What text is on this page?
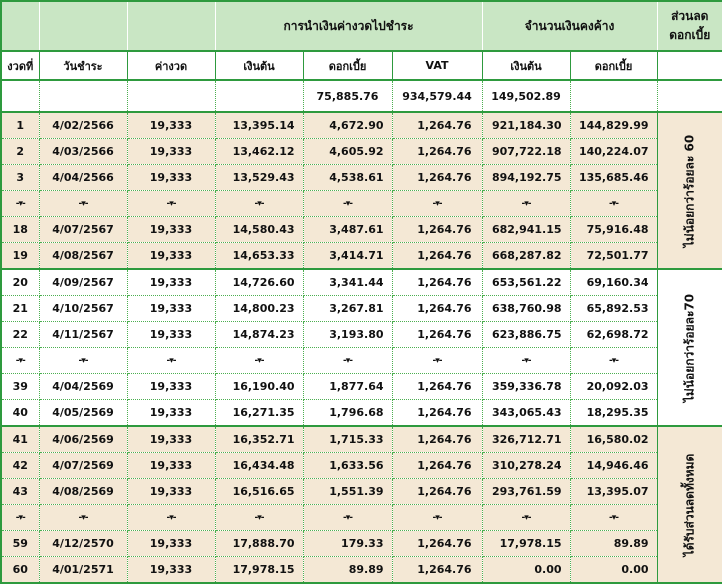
			การนำเงินค่างวดไปชำระ			จำนวนเงินคงค้าง		ส่วนลด
ดอกเบี้ย

งวดที่	วันชำระ	ค่างวด	เงินต้น	ดอกเบี้ย	VAT	เงินต้น	ดอกเบี้ย	
				75,885.76	934,579.44	149,502.89		
1	4/02/2566	19,333	13,395.14	4,672.90	1,264.76	921,184.30	144,829.99	ไม่น้อยกว่าร้อยละ 60

2	4/03/2566	19,333	13,462.12	4,605.92	1,264.76	907,722.18	140,224.07	
3	4/04/2566	19,333	13,529.43	4,538.61	1,264.76	894,192.75	135,685.46	
-▾-	-▾-	-▾-	-▾-	-▾-	-▾-	-▾-	-▾-	
18	4/07/2567	19,333	14,580.43	3,487.61	1,264.76	682,941.15	75,916.48	
19	4/08/2567	19,333	14,653.33	3,414.71	1,264.76	668,287.82	72,501.77	
20	4/09/2567	19,333	14,726.60	3,341.44	1,264.76	653,561.22	69,160.34	ไม่น้อยกว่าร้อยละ70

21	4/10/2567	19,333	14,800.23	3,267.81	1,264.76	638,760.98	65,892.53	
22	4/11/2567	19,333	14,874.23	3,193.80	1,264.76	623,886.75	62,698.72	
-▾-	-▾-	-▾-	-▾-	-▾-	-▾-	-▾-	-▾-	
39	4/04/2569	19,333	16,190.40	1,877.64	1,264.76	359,336.78	20,092.03	
40	4/05/2569	19,333	16,271.35	1,796.68	1,264.76	343,065.43	18,295.35	
41	4/06/2569	19,333	16,352.71	1,715.33	1,264.76	326,712.71	16,580.02	ได้รับส่วนลดทั้งหมด

42	4/07/2569	19,333	16,434.48	1,633.56	1,264.76	310,278.24	14,946.46	
43	4/08/2569	19,333	16,516.65	1,551.39	1,264.76	293,761.59	13,395.07	
-▾-	-▾-	-▾-	-▾-	-▾-	-▾-	-▾-	-▾-	
59	4/12/2570	19,333	17,888.70	179.33	1,264.76	17,978.15	89.89	
60	4/01/2571	19,333	17,978.15	89.89	1,264.76	0.00	0.00	
